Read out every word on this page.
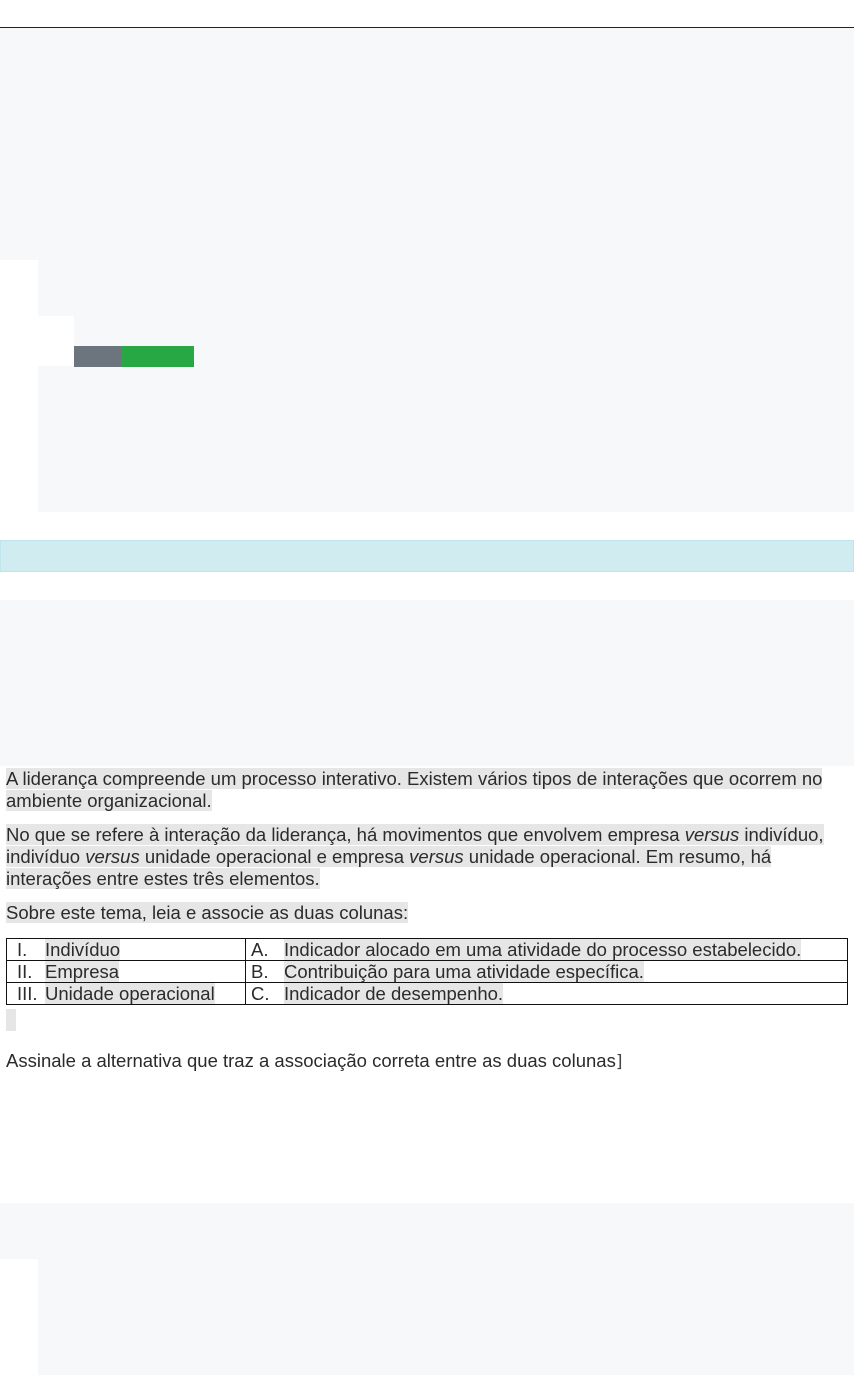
A liderança compreende um processo interativo. Existem vários tipos de interações que ocorrem no ambiente organizacional.

No que se refere à interação da liderança, há movimentos que envolvem empresa versus indivíduo, indivíduo versus unidade operacional e empresa versus unidade operacional. Em resumo, há interações entre estes três elementos.

Sobre este tema, leia e associe as duas colunas:

I. Indivíduo	A. Indicador alocado em uma atividade do processo estabelecido.

II. Empresa	B. Contribuição para uma atividade específica.

III. Unidade operacional	C. Indicador de desempenho.

Assinale a alternativa que traz a associação correta entre as duas colunas]
